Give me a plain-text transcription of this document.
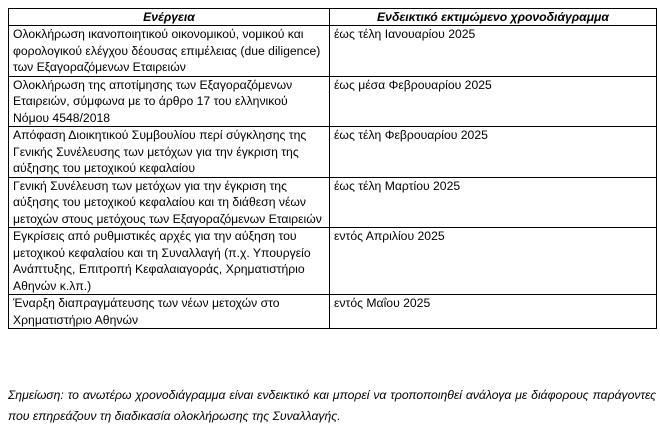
Ενέργεια	Ενδεικτικό εκτιμώμενο χρονοδιάγραμμα
Ολοκλήρωση ικανοποιητικού οικονομικού, νομικού και φορολογικού ελέγχου δέουσας επιμέλειας (due diligence) των Εξαγοραζόμενων Εταιρειών	έως τέλη Ιανουαρίου 2025
Ολοκλήρωση της αποτίμησης των Εξαγοραζόμενων Εταιρειών, σύμφωνα με το άρθρο 17 του ελληνικού Νόμου 4548/2018	έως μέσα Φεβρουαρίου 2025
Απόφαση Διοικητικού Συμβουλίου περί σύγκλησης της Γενικής Συνέλευσης των μετόχων για την έγκριση της αύξησης του μετοχικού κεφαλαίου	έως τέλη Φεβρουαρίου 2025
Γενική Συνέλευση των μετόχων για την έγκριση της αύξησης του μετοχικού κεφαλαίου και τη διάθεση νέων μετοχών στους μετόχους των Εξαγοραζόμενων Εταιρειών	έως τέλη Μαρτίου 2025
Εγκρίσεις από ρυθμιστικές αρχές για την αύξηση του μετοχικού κεφαλαίου και τη Συναλλαγή (π.χ. Υπουργείο Ανάπτυξης, Επιτροπή Κεφαλαιαγοράς, Χρηματιστήριο Αθηνών κ.λπ.)	εντός Απριλίου 2025
Έναρξη διαπραγμάτευσης των νέων μετοχών στο Χρηματιστήριο Αθηνών	εντός Μαΐου 2025
Σημείωση: το ανωτέρω χρονοδιάγραμμα είναι ενδεικτικό και μπορεί να τροποποιηθεί ανάλογα με διάφορους παράγοντες που επηρεάζουν τη διαδικασία ολοκλήρωσης της Συναλλαγής.
